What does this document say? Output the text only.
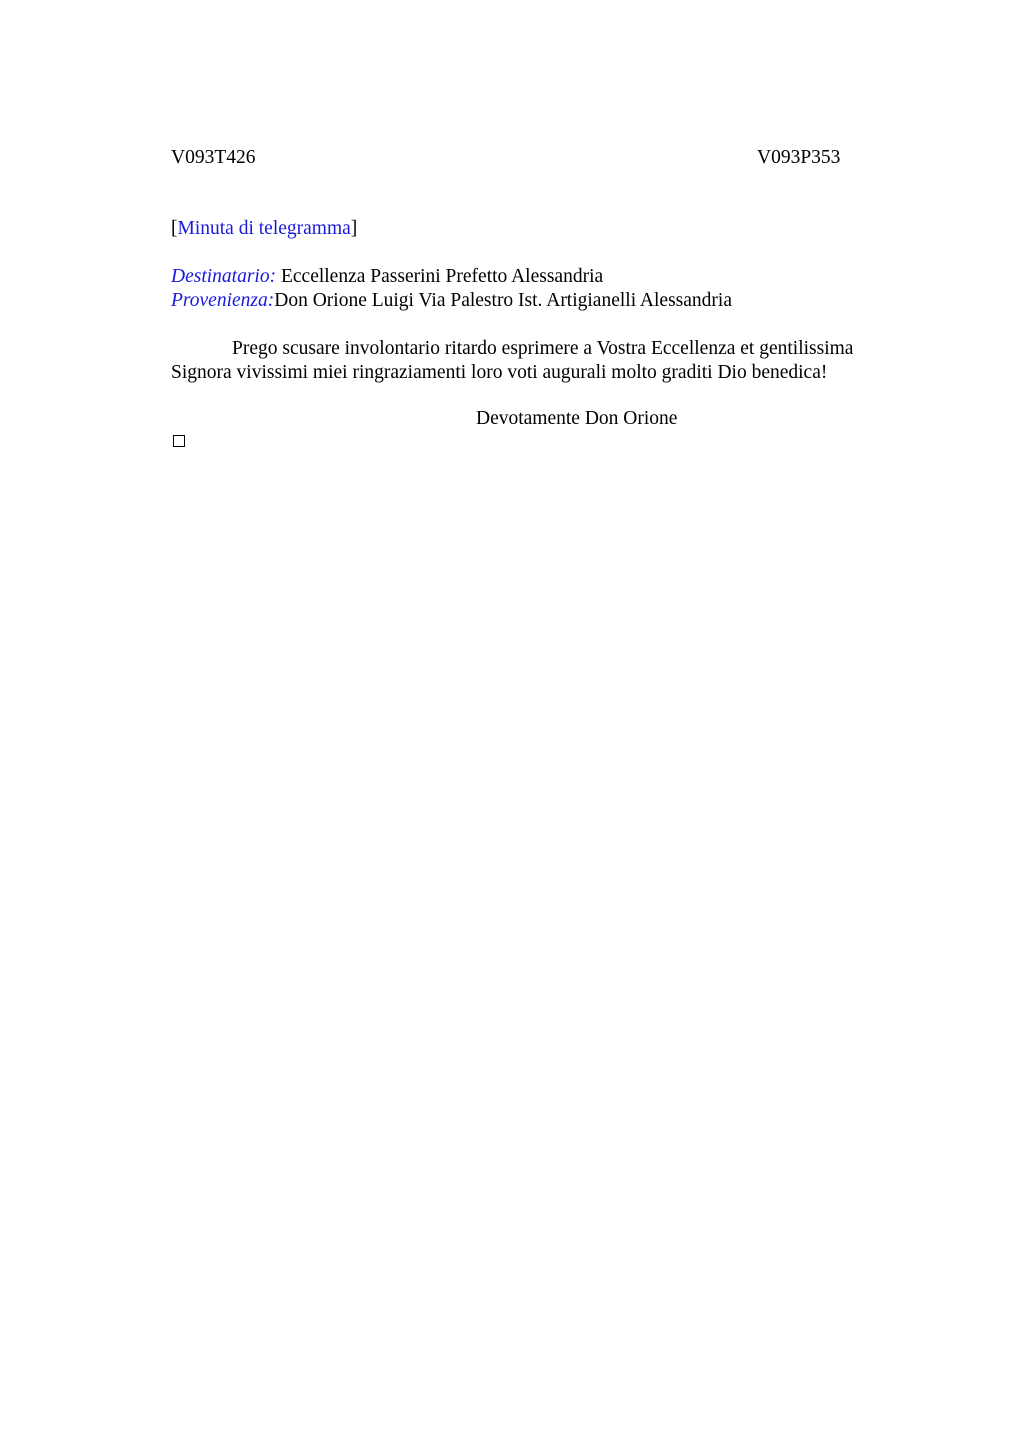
V093T426	V093P353
[Minuta di telegramma]
Destinatario: Eccellenza Passerini Prefetto Alessandria
Provenienza:Don Orione Luigi Via Palestro Ist. Artigianelli Alessandria
Prego scusare involontario ritardo esprimere a Vostra Eccellenza et gentilissima Signora vivissimi miei ringraziamenti loro voti augurali molto graditi Dio benedica!
Devotamente Don Orione
